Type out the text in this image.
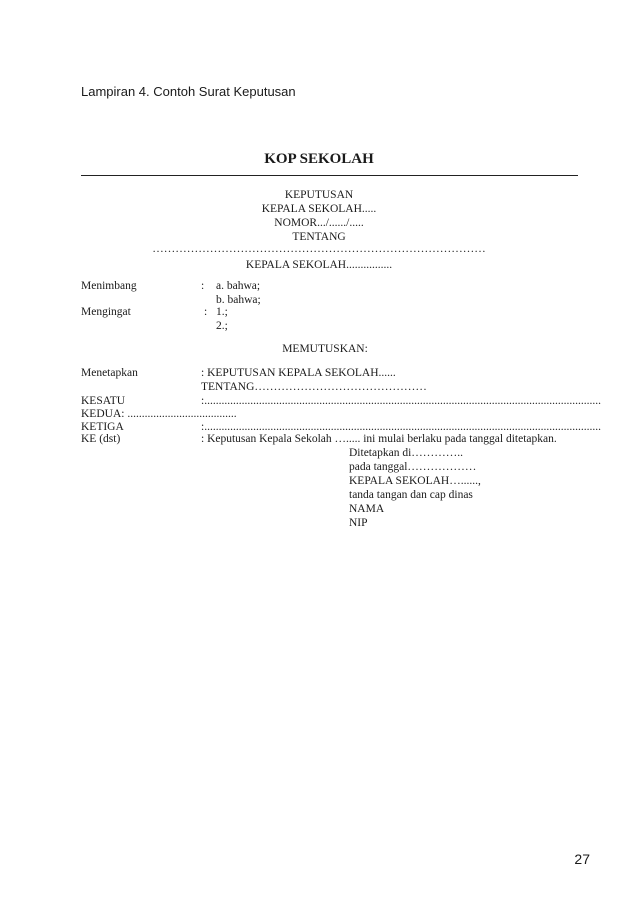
Lampiran 4. Contoh Surat Keputusan
KOP SEKOLAH
KEPUTUSAN
KEPALA SEKOLAH.....
NOMOR.../....../.....
TENTANG
……………………………………………………………………………
KEPALA SEKOLAH................
Menimbang	: a. bahwa;
b. bahwa;
Mengingat	: 1.;
2.;
MEMUTUSKAN:
Menetapkan	: KEPUTUSAN KEPALA SEKOLAH......
TENTANG………………………………………
KESATU	:..........................................................................................................................................
KEDUA: ......................................
KETIGA	:..........................................................................................................................................
KE (dst)	: Keputusan Kepala Sekolah …..... ini mulai berlaku pada tanggal ditetapkan.
Ditetapkan di…………..
pada tanggal………………
KEPALA SEKOLAH…......,
tanda tangan dan cap dinas
NAMA
NIP
27
